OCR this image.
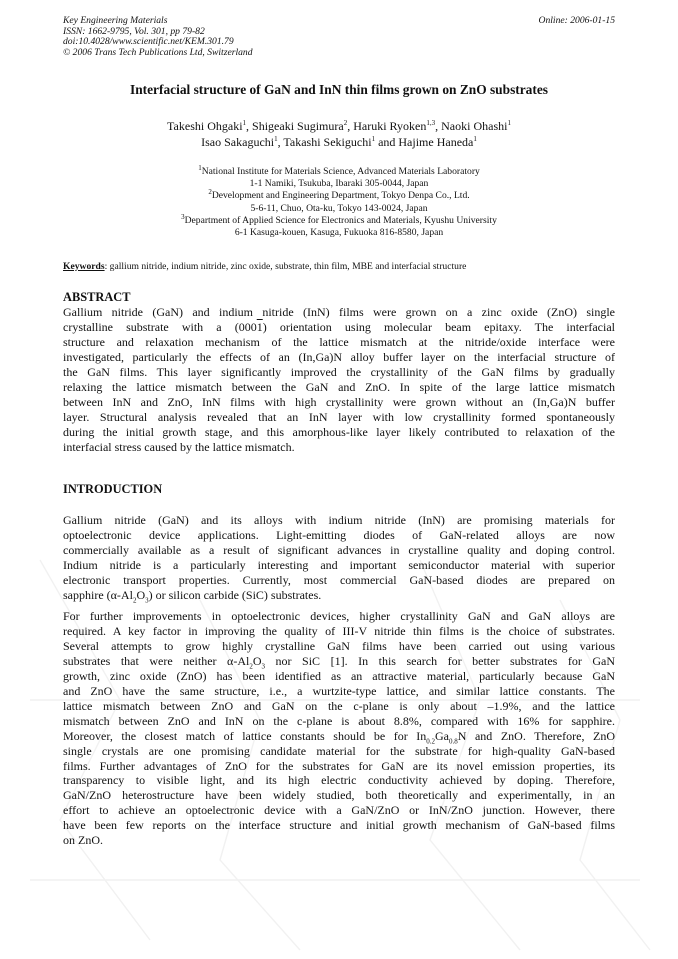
Key Engineering Materials
ISSN: 1662-9795, Vol. 301, pp 79-82
doi:10.4028/www.scientific.net/KEM.301.79
© 2006 Trans Tech Publications Ltd, Switzerland
Online: 2006-01-15
Interfacial structure of GaN and InN thin films grown on ZnO substrates
Takeshi Ohgaki$^1$, Shigeaki Sugimura$^2$, Haruki Ryoken$^{1,3}$, Naoki Ohashi$^1$
Isao Sakaguchi$^1$, Takashi Sekiguchi$^1$ and Hajime Haneda$^1$
$^1$National Institute for Materials Science, Advanced Materials Laboratory
1-1 Namiki, Tsukuba, Ibaraki 305-0044, Japan
$^2$Development and Engineering Department, Tokyo Denpa Co., Ltd.
5-6-11, Chuo, Ota-ku, Tokyo 143-0024, Japan
$^3$Department of Applied Science for Electronics and Materials, Kyushu University
6-1 Kasuga-kouen, Kasuga, Fukuoka 816-8580, Japan
Keywords: gallium nitride, indium nitride, zinc oxide, substrate, thin film, MBE and interfacial structure
ABSTRACT
Gallium nitride (GaN) and indium nitride (InN) films were grown on a zinc oxide (ZnO) single
crystalline substrate with a (0001) orientation using molecular beam epitaxy. The interfacial
structure and relaxation mechanism of the lattice mismatch at the nitride/oxide interface were
investigated, particularly the effects of an (In,Ga)N alloy buffer layer on the interfacial structure of
the GaN films. This layer significantly improved the crystallinity of the GaN films by gradually
relaxing the lattice mismatch between the GaN and ZnO. In spite of the large lattice mismatch
between InN and ZnO, InN films with high crystallinity were grown without an (In,Ga)N buffer
layer. Structural analysis revealed that an InN layer with low crystallinity formed spontaneously
during the initial growth stage, and this amorphous-like layer likely contributed to relaxation of the
interfacial stress caused by the lattice mismatch.
INTRODUCTION
Gallium nitride (GaN) and its alloys with indium nitride (InN) are promising materials for
optoelectronic device applications. Light-emitting diodes of GaN-related alloys are now
commercially available as a result of significant advances in crystalline quality and doping control.
Indium nitride is a particularly interesting and important semiconductor material with superior
electronic transport properties. Currently, most commercial GaN-based diodes are prepared on
sapphire $(\alpha-Al_2O_3)$ or silicon carbide (SiC) substrates.
For further improvements in optoelectronic devices, higher crystallinity GaN and GaN alloys are
required. A key factor in improving the quality of III-V nitride thin films is the choice of substrates.
Several attempts to grow highly crystalline GaN films have been carried out using various
substrates that were neither $\alpha-Al_2O_3$ nor SiC [1]. In this search for better substrates for GaN
growth, zinc oxide (ZnO) has been identified as an attractive material, particularly because GaN
and ZnO have the same structure, i.e., a wurtzite-type lattice, and similar lattice constants. The
lattice mismatch between ZnO and GaN on the c-plane is only about –1.9%, and the lattice
mismatch between ZnO and InN on the c-plane is about 8.8%, compared with 16% for sapphire.
Moreover, the closest match of lattice constants should be for $In_{0.2}Ga_{0.8}N$ and ZnO. Therefore, ZnO
single crystals are one promising candidate material for the substrate for high-quality GaN-based
films. Further advantages of ZnO for the substrates for GaN are its novel emission properties, its
transparency to visible light, and its high electric conductivity achieved by doping. Therefore,
GaN/ZnO heterostructure have been widely studied, both theoretically and experimentally, in an
effort to achieve an optoelectronic device with a GaN/ZnO or InN/ZnO junction. However, there
have been few reports on the interface structure and initial growth mechanism of GaN-based films
on ZnO.
